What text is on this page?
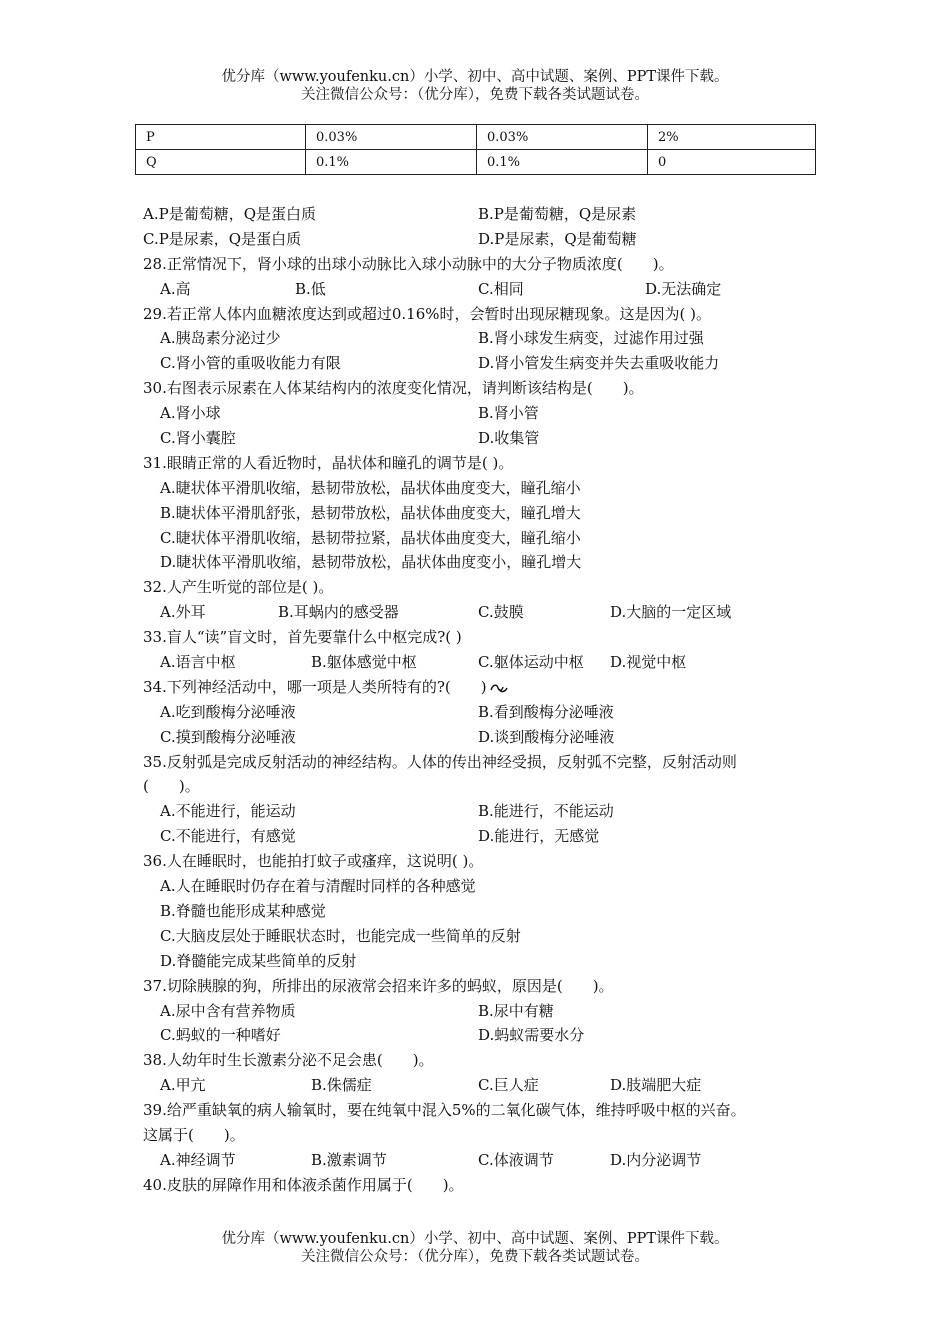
优分库（www.youfenku.cn）小学、初中、高中试题、案例、PPT课件下载。
关注微信公众号：（优分库），免费下载各类试题试卷。
P	0.03%	0.03%	2%
Q	0.1%	0.1%	0
A.P是葡萄糖，Q是蛋白质	B.P是葡萄糖，Q是尿素
C.P是尿素，Q是蛋白质	D.P是尿素，Q是葡萄糖
28.正常情况下，肾小球的出球小动脉比入球小动脉中的大分子物质浓度(　　)。
A.高	B.低	C.相同	D.无法确定
29.若正常人体内血糖浓度达到或超过0.16%时，会暂时出现尿糖现象。这是因为( )。
A.胰岛素分泌过少	B.肾小球发生病变，过滤作用过强
C.肾小管的重吸收能力有限	D.肾小管发生病变并失去重吸收能力
30.右图表示尿素在人体某结构内的浓度变化情况，请判断该结构是(　　)。
A.肾小球	B.肾小管
C.肾小囊腔	D.收集管
31.眼睛正常的人看近物时，晶状体和瞳孔的调节是( )。
A.睫状体平滑肌收缩，悬韧带放松，晶状体曲度变大，瞳孔缩小
B.睫状体平滑肌舒张，悬韧带放松，晶状体曲度变大，瞳孔增大
C.睫状体平滑肌收缩，悬韧带拉紧，晶状体曲度变大，瞳孔缩小
D.睫状体平滑肌收缩，悬韧带放松，晶状体曲度变小，瞳孔增大
32.人产生听觉的部位是( )。
A.外耳	B.耳蜗内的感受器	C.鼓膜	D.大脑的一定区域
33.盲人“读”盲文时，首先要靠什么中枢完成?( )
A.语言中枢	B.躯体感觉中枢	C.躯体运动中枢 D.视觉中枢
34.下列神经活动中，哪一项是人类所特有的?(　　)
A.吃到酸梅分泌唾液	B.看到酸梅分泌唾液
C.摸到酸梅分泌唾液	D.谈到酸梅分泌唾液
35.反射弧是完成反射活动的神经结构。人体的传出神经受损，反射弧不完整，反射活动则
(　　)。
A.不能进行，能运动	B.能进行，不能运动
C.不能进行，有感觉	D.能进行，无感觉
36.人在睡眠时，也能拍打蚊子或瘙痒，这说明( )。
A.人在睡眠时仍存在着与清醒时同样的各种感觉
B.脊髓也能形成某种感觉
C.大脑皮层处于睡眠状态时，也能完成一些简单的反射
D.脊髓能完成某些简单的反射
37.切除胰腺的狗，所排出的尿液常会招来许多的蚂蚁，原因是(　　)。
A.尿中含有营养物质	B.尿中有糖
C.蚂蚁的一种嗜好	D.蚂蚁需要水分
38.人幼年时生长激素分泌不足会患(　　)。
A.甲亢	B.侏儒症	C.巨人症	D.肢端肥大症
39.给严重缺氧的病人输氧时，要在纯氧中混入5%的二氧化碳气体，维持呼吸中枢的兴奋。
这属于(　　)。
A.神经调节	B.激素调节	C.体液调节	D.内分泌调节
40.皮肤的屏障作用和体液杀菌作用属于(　　)。
优分库（www.youfenku.cn）小学、初中、高中试题、案例、PPT课件下载。
关注微信公众号：（优分库），免费下载各类试题试卷。
